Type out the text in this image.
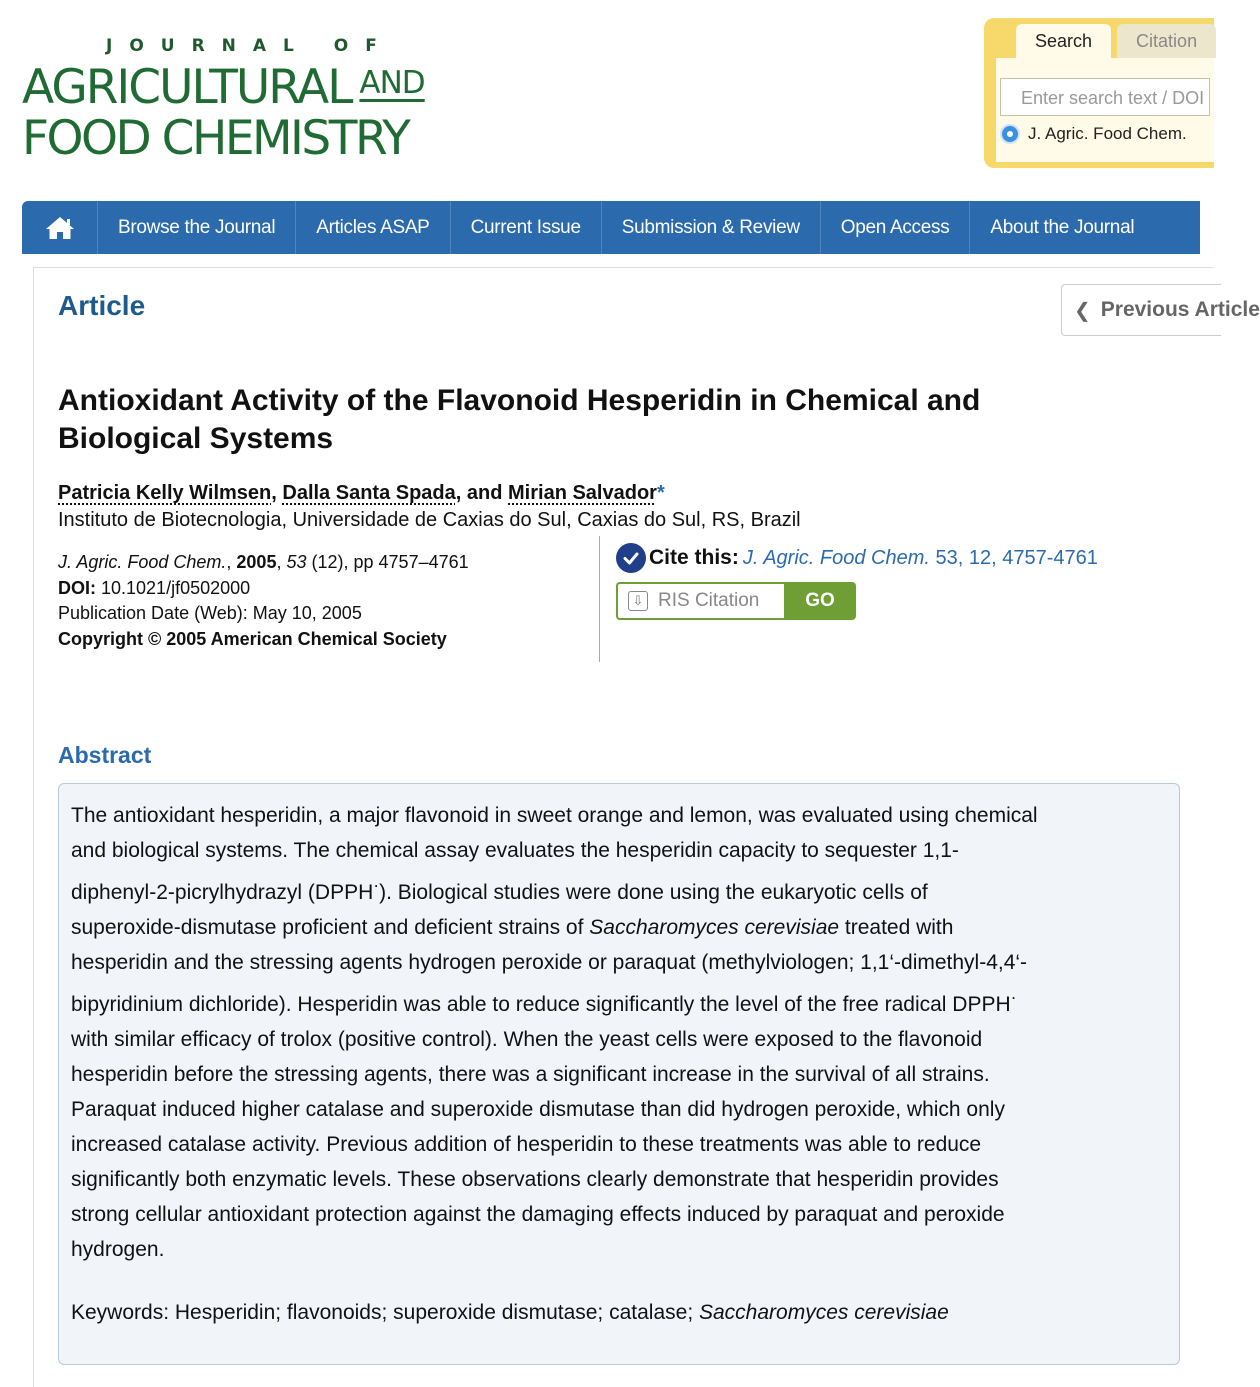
JOURNAL OF
AGRICULTURAL $^{AND}$
FOOD CHEMISTRY
Search	Citation
Enter search text / DOI
J. Agric. Food Chem.
Browse the Journal	Articles ASAP	Current Issue	Submission & Review	Open Access	About the Journal
Article	❮ Previous Article
Antioxidant Activity of the Flavonoid Hesperidin in Chemical and Biological Systems
Patricia Kelly Wilmsen, Dalla Santa Spada, and Mirian Salvador*
Instituto de Biotecnologia, Universidade de Caxias do Sul, Caxias do Sul, RS, Brazil
J. Agric. Food Chem., 2005, 53 (12), pp 4757–4761
DOI: 10.1021/jf0502000
Publication Date (Web): May 10, 2005
Copyright © 2005 American Chemical Society
Cite this: J. Agric. Food Chem. 53, 12, 4757-4761
⇩ RIS Citation	GO
Abstract
The antioxidant hesperidin, a major flavonoid in sweet orange and lemon, was evaluated using chemical and biological systems. The chemical assay evaluates the hesperidin capacity to sequester 1,1-diphenyl-2-picrylhydrazyl (DPPH·). Biological studies were done using the eukaryotic cells of superoxide-dismutase proficient and deficient strains of Saccharomyces cerevisiae treated with hesperidin and the stressing agents hydrogen peroxide or paraquat (methylviologen; 1,1‘-dimethyl-4,4‘-bipyridinium dichloride). Hesperidin was able to reduce significantly the level of the free radical DPPH· with similar efficacy of trolox (positive control). When the yeast cells were exposed to the flavonoid hesperidin before the stressing agents, there was a significant increase in the survival of all strains. Paraquat induced higher catalase and superoxide dismutase than did hydrogen peroxide, which only increased catalase activity. Previous addition of hesperidin to these treatments was able to reduce significantly both enzymatic levels. These observations clearly demonstrate that hesperidin provides strong cellular antioxidant protection against the damaging effects induced by paraquat and peroxide hydrogen.
Keywords: Hesperidin; flavonoids; superoxide dismutase; catalase; Saccharomyces cerevisiae
